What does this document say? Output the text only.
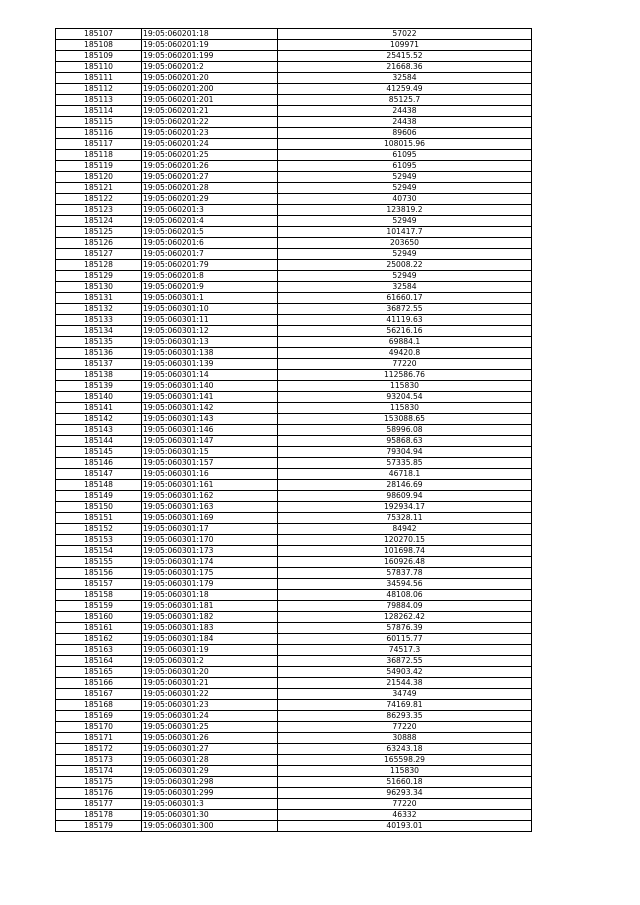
185107	19:05:060201:18	57022
185108	19:05:060201:19	109971
185109	19:05:060201:199	25415.52
185110	19:05:060201:2	21668.36
185111	19:05:060201:20	32584
185112	19:05:060201:200	41259.49
185113	19:05:060201:201	85125.7
185114	19:05:060201:21	24438
185115	19:05:060201:22	24438
185116	19:05:060201:23	89606
185117	19:05:060201:24	108015.96
185118	19:05:060201:25	61095
185119	19:05:060201:26	61095
185120	19:05:060201:27	52949
185121	19:05:060201:28	52949
185122	19:05:060201:29	40730
185123	19:05:060201:3	123819.2
185124	19:05:060201:4	52949
185125	19:05:060201:5	101417.7
185126	19:05:060201:6	203650
185127	19:05:060201:7	52949
185128	19:05:060201:79	25008.22
185129	19:05:060201:8	52949
185130	19:05:060201:9	32584
185131	19:05:060301:1	61660.17
185132	19:05:060301:10	36872.55
185133	19:05:060301:11	41119.63
185134	19:05:060301:12	56216.16
185135	19:05:060301:13	69884.1
185136	19:05:060301:138	49420.8
185137	19:05:060301:139	77220
185138	19:05:060301:14	112586.76
185139	19:05:060301:140	115830
185140	19:05:060301:141	93204.54
185141	19:05:060301:142	115830
185142	19:05:060301:143	153088.65
185143	19:05:060301:146	58996.08
185144	19:05:060301:147	95868.63
185145	19:05:060301:15	79304.94
185146	19:05:060301:157	57335.85
185147	19:05:060301:16	46718.1
185148	19:05:060301:161	28146.69
185149	19:05:060301:162	98609.94
185150	19:05:060301:163	192934.17
185151	19:05:060301:169	75328.11
185152	19:05:060301:17	84942
185153	19:05:060301:170	120270.15
185154	19:05:060301:173	101698.74
185155	19:05:060301:174	160926.48
185156	19:05:060301:175	57837.78
185157	19:05:060301:179	34594.56
185158	19:05:060301:18	48108.06
185159	19:05:060301:181	79884.09
185160	19:05:060301:182	128262.42
185161	19:05:060301:183	57876.39
185162	19:05:060301:184	60115.77
185163	19:05:060301:19	74517.3
185164	19:05:060301:2	36872.55
185165	19:05:060301:20	54903.42
185166	19:05:060301:21	21544.38
185167	19:05:060301:22	34749
185168	19:05:060301:23	74169.81
185169	19:05:060301:24	86293.35
185170	19:05:060301:25	77220
185171	19:05:060301:26	30888
185172	19:05:060301:27	63243.18
185173	19:05:060301:28	165598.29
185174	19:05:060301:29	115830
185175	19:05:060301:298	51660.18
185176	19:05:060301:299	96293.34
185177	19:05:060301:3	77220
185178	19:05:060301:30	46332
185179	19:05:060301:300	40193.01
